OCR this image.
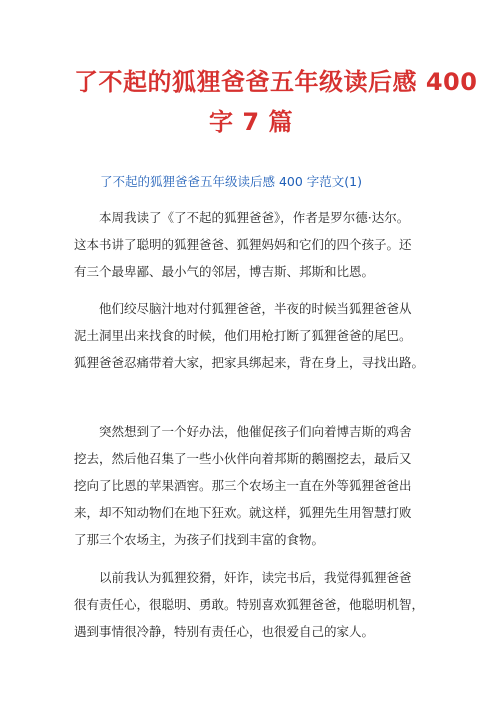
了不起的狐狸爸爸五年级读后感 400
字 7 篇

了不起的狐狸爸爸五年级读后感 400 字范文(1)

本周我读了《了不起的狐狸爸爸》，作者是罗尔德·达尔。
这本书讲了聪明的狐狸爸爸、狐狸妈妈和它们的四个孩子。还
有三个最卑鄙、最小气的邻居，博吉斯、邦斯和比恩。

他们绞尽脑汁地对付狐狸爸爸，半夜的时候当狐狸爸爸从
泥土洞里出来找食的时候，他们用枪打断了狐狸爸爸的尾巴。
狐狸爸爸忍痛带着大家，把家具绑起来，背在身上，寻找出路。

突然想到了一个好办法，他催促孩子们向着博吉斯的鸡舍
挖去，然后他召集了一些小伙伴向着邦斯的鹅圈挖去，最后又
挖向了比恩的苹果酒窖。那三个农场主一直在外等狐狸爸爸出
来，却不知动物们在地下狂欢。就这样，狐狸先生用智慧打败
了那三个农场主，为孩子们找到丰富的食物。

以前我认为狐狸狡猾，奸诈，读完书后，我觉得狐狸爸爸
很有责任心，很聪明、勇敢。特别喜欢狐狸爸爸，他聪明机智，
遇到事情很冷静，特别有责任心，也很爱自己的家人。
